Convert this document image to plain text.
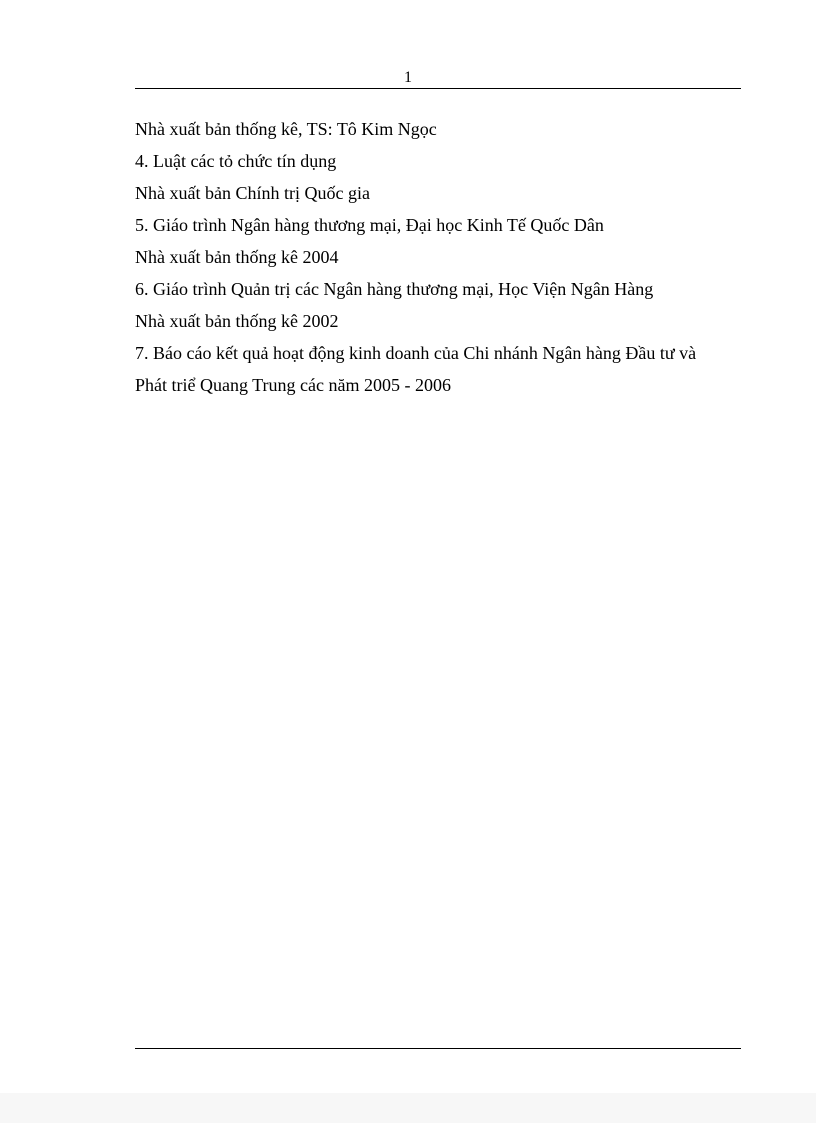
1
Nhà xuất bản thống kê, TS: Tô Kim Ngọc
4. Luật các tỏ chức tín dụng
Nhà xuất bản Chính trị Quốc gia
5. Giáo trình Ngân hàng thương mại, Đại học Kinh Tế Quốc Dân
Nhà xuất bản thống kê 2004
6. Giáo trình Quản trị các Ngân hàng thương mại, Học Viện Ngân Hàng
Nhà xuất bản thống kê 2002
7. Báo cáo kết quả hoạt động kinh doanh của Chi nhánh Ngân hàng Đầu tư và
Phát triể Quang Trung các năm 2005 - 2006
